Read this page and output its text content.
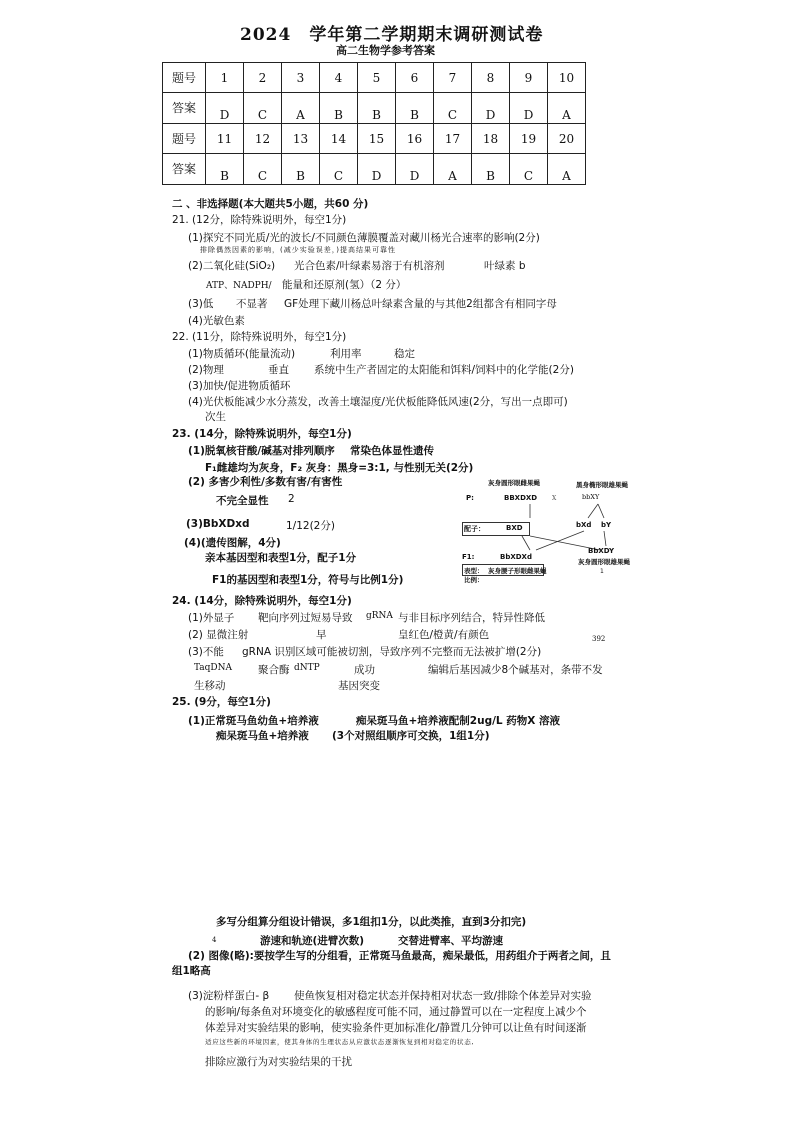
2024　学年第二学期期末调研测试卷
高二生物学参考答案
题号	1	2	3	4	5	6	7	8	9	10
答案	D	C	A	B	B	B	C	D	D	A
题号	11	12	13	14	15	16	17	18	19	20
答案	B	C	B	C	D	D	A	B	C	A
二 、非选择题(本大题共5小题，共60 分)
21. (12分，除特殊说明外，每空1分)
(1)探究不同光质/光的波长/不同颜色薄膜覆盖对藏川杨光合速率的影响(2分)
排除偶然因素的影响，(减少实验误差，)提高结果可靠性
(2)二氧化硅(SiO₂) 光合色素/叶绿素易溶于有机溶剂	叶绿素 b
ATP、NADPH/ 能量和还原剂(氢）（2 分）
(3)低 不显著 GF处理下藏川杨总叶绿素含量的与其他2组都含有相同字母
(4)光敏色素
22. (11分，除特殊说明外，每空1分)
(1)物质循环(能量流动)	利用率	稳定
(2)物理	垂直 系统中生产者固定的太阳能和饵料/饲料中的化学能(2分)
(3)加快/促进物质循环
(4)光伏板能减少水分蒸发，改善土壤湿度/光伏板能降低风速(2分，写出一点即可)
次生
23. (14分，除特殊说明外，每空1分)
(1)脱氧核苷酸/碱基对排列顺序 常染色体显性遗传
F₁雌雄均为灰身，F₂ 灰身：黑身=3:1, 与性别无关(2分)
(2) 多害少利性/多数有害/有害性
不完全显性 2
(3)BbXDxd	1/12(2分)
(4)(遗传图解，4分)
亲本基因型和表型1分，配子1分
F1的基因型和表型1分，符号与比例1分)
灰身圆形眼雌果蝇	黑身椭形眼雄果蝇
P:	BBXDXD X	bbXY
配子：	BXD	bXd bY
F1:	BbXDXd
BbXDY
灰身圆形眼雄果蝇
表型： 灰身腰子形眼雌果蝇
比例：
1
24. (14分，除特殊说明外，每空1分)
(1)外显子 靶向序列过短易导致 gRNA 与非目标序列结合，特异性降低
(2) 显微注射	早	皇红色/橙黄/有颜色	392
(3)不能 gRNA 识别区域可能被切割，导致序列不完整而无法被扩增(2分)
TaqDNA 聚合酶 dNTP	成功	编辑后基因减少8个碱基对，条带不发
生移动	基因突变
25. (9分，每空1分)
(1)正常斑马鱼幼鱼+培养液	痴呆斑马鱼+培养液配制2ug/L 药物X 溶液
痴呆斑马鱼+培养液 (3个对照组顺序可交换，1组1分)
多写分组算分组设计错误，多1组扣1分，以此类推，直到3分扣完)
4	游速和轨迹(进臂次数)	交替进臂率、平均游速
(2) 图像(略):要按学生写的分组看，正常斑马鱼最高，痴呆最低，用药组介于两者之间，且
组1略高
(3)淀粉样蛋白- β 使鱼恢复相对稳定状态并保持相对状态一致/排除个体差异对实验
的影响/每条鱼对环境变化的敏感程度可能不同，通过静置可以在一定程度上减少个
体差异对实验结果的影响，使实验条件更加标准化/静置几分钟可以让鱼有时间逐渐
适应这些新的环境因素，使其身体的生理状态从应激状态逐渐恢复到相对稳定的状态,
排除应激行为对实验结果的干扰
